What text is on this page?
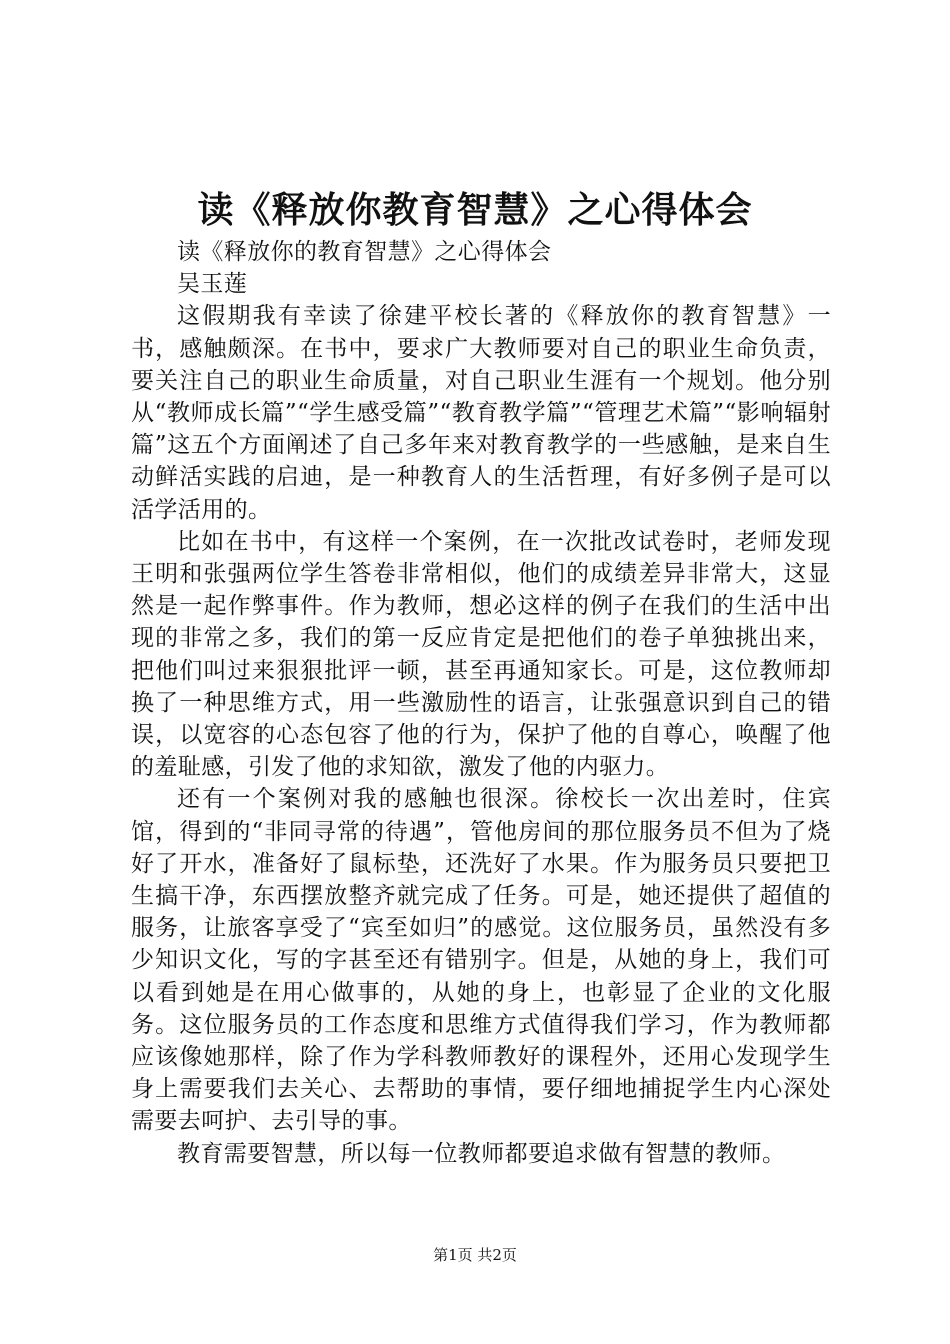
读《释放你教育智慧》之心得体会

读《释放你的教育智慧》之心得体会

吴玉莲

这假期我有幸读了徐建平校长著的《释放你的教育智慧》一书，感触颇深。在书中，要求广大教师要对自己的职业生命负责，要关注自己的职业生命质量，对自己职业生涯有一个规划。他分别从“教师成长篇”“学生感受篇”“教育教学篇”“管理艺术篇”“影响辐射篇”这五个方面阐述了自己多年来对教育教学的一些感触，是来自生动鲜活实践的启迪，是一种教育人的生活哲理，有好多例子是可以活学活用的。

比如在书中，有这样一个案例，在一次批改试卷时，老师发现王明和张强两位学生答卷非常相似，他们的成绩差异非常大，这显然是一起作弊事件。作为教师，想必这样的例子在我们的生活中出现的非常之多，我们的第一反应肯定是把他们的卷子单独挑出来，把他们叫过来狠狠批评一顿，甚至再通知家长。可是，这位教师却换了一种思维方式，用一些激励性的语言，让张强意识到自己的错误，以宽容的心态包容了他的行为，保护了他的自尊心，唤醒了他的羞耻感，引发了他的求知欲，激发了他的内驱力。

还有一个案例对我的感触也很深。徐校长一次出差时，住宾馆，得到的“非同寻常的待遇”，管他房间的那位服务员不但为了烧好了开水，准备好了鼠标垫，还洗好了水果。作为服务员只要把卫生搞干净，东西摆放整齐就完成了任务。可是，她还提供了超值的服务，让旅客享受了“宾至如归”的感觉。这位服务员，虽然没有多少知识文化，写的字甚至还有错别字。但是，从她的身上，我们可以看到她是在用心做事的，从她的身上，也彰显了企业的文化服务。这位服务员的工作态度和思维方式值得我们学习，作为教师都应该像她那样，除了作为学科教师教好的课程外，还用心发现学生身上需要我们去关心、去帮助的事情，要仔细地捕捉学生内心深处需要去呵护、去引导的事。

教育需要智慧，所以每一位教师都要追求做有智慧的教师。

第1页 共2页
